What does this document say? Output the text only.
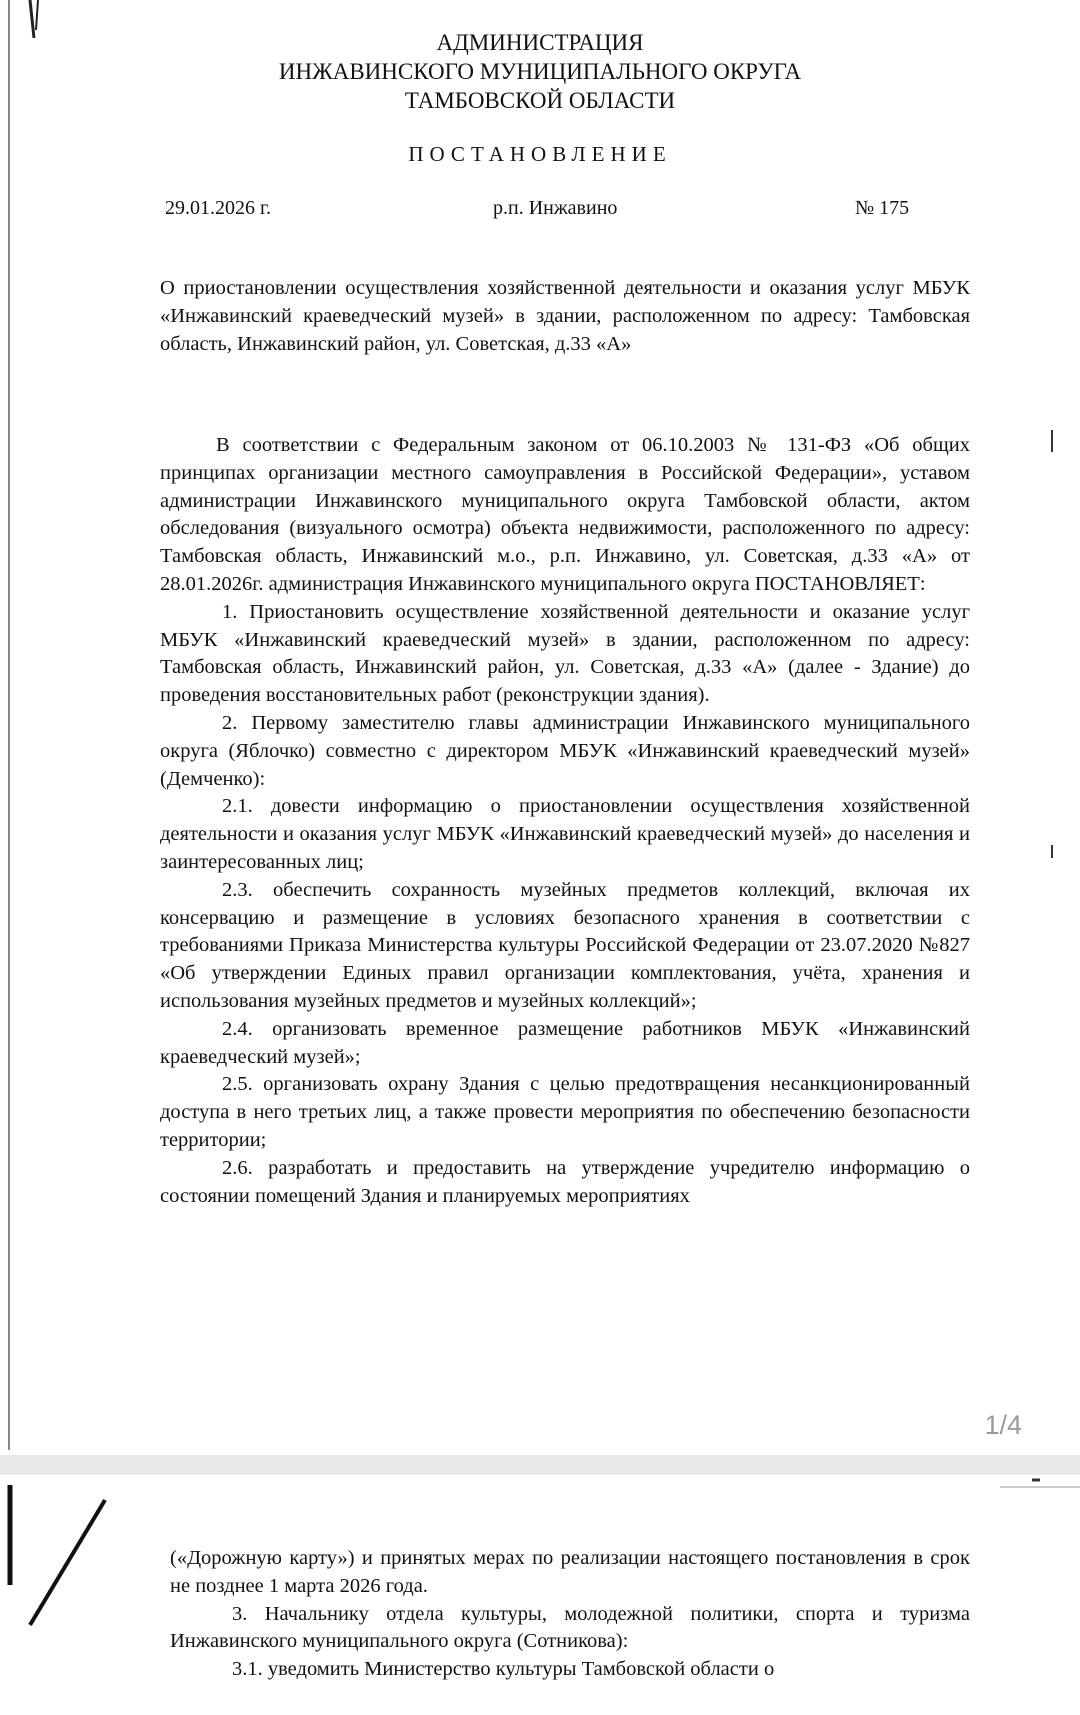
АДМИНИСТРАЦИЯ
ИНЖАВИНСКОГО МУНИЦИПАЛЬНОГО ОКРУГА
ТАМБОВСКОЙ ОБЛАСТИ
ПОСТАНОВЛЕНИЕ
29.01.2026 г.	р.п. Инжавино	№ 175
О приостановлении осуществления хозяйственной деятельности и оказания услуг МБУК «Инжавинский краеведческий музей» в здании, расположенном по адресу: Тамбовская область, Инжавинский район, ул. Советская, д.33 «А»

В соответствии с Федеральным законом от 06.10.2003 № 131-ФЗ «Об общих принципах организации местного самоуправления в Российской Федерации», уставом администрации Инжавинского муниципального округа Тамбовской области, актом обследования (визуального осмотра) объекта недвижимости, расположенного по адресу: Тамбовская область, Инжавинский м.о., р.п. Инжавино, ул. Советская, д.33 «А» от 28.01.2026г. администрация Инжавинского муниципального округа ПОСТАНОВЛЯЕТ:

1. Приостановить осуществление хозяйственной деятельности и оказание услуг МБУК «Инжавинский краеведческий музей» в здании, расположенном по адресу: Тамбовская область, Инжавинский район, ул. Советская, д.33 «А» (далее - Здание) до проведения восстановительных работ (реконструкции здания).

2. Первому заместителю главы администрации Инжавинского муниципального округа (Яблочко) совместно с директором МБУК «Инжавинский краеведческий музей» (Демченко):

2.1. довести информацию о приостановлении осуществления хозяйственной деятельности и оказания услуг МБУК «Инжавинский краеведческий музей» до населения и заинтересованных лиц;

2.3. обеспечить сохранность музейных предметов коллекций, включая их консервацию и размещение в условиях безопасного хранения в соответствии с требованиями Приказа Министерства культуры Российской Федерации от 23.07.2020 №827 «Об утверждении Единых правил организации комплектования, учёта, хранения и использования музейных предметов и музейных коллекций»;

2.4. организовать временное размещение работников МБУК «Инжавинский краеведческий музей»;

2.5. организовать охрану Здания с целью предотвращения несанкционированный доступа в него третьих лиц, а также провести мероприятия по обеспечению безопасности территории;

2.6. разработать и предоставить на утверждение учредителю информацию о состоянии помещений Здания и планируемых мероприятиях

1/4

(«Дорожную карту») и принятых мерах по реализации настоящего постановления в срок не позднее 1 марта 2026 года.

3. Начальнику отдела культуры, молодежной политики, спорта и туризма Инжавинского муниципального округа (Сотникова):

3.1. уведомить Министерство культуры Тамбовской области о
